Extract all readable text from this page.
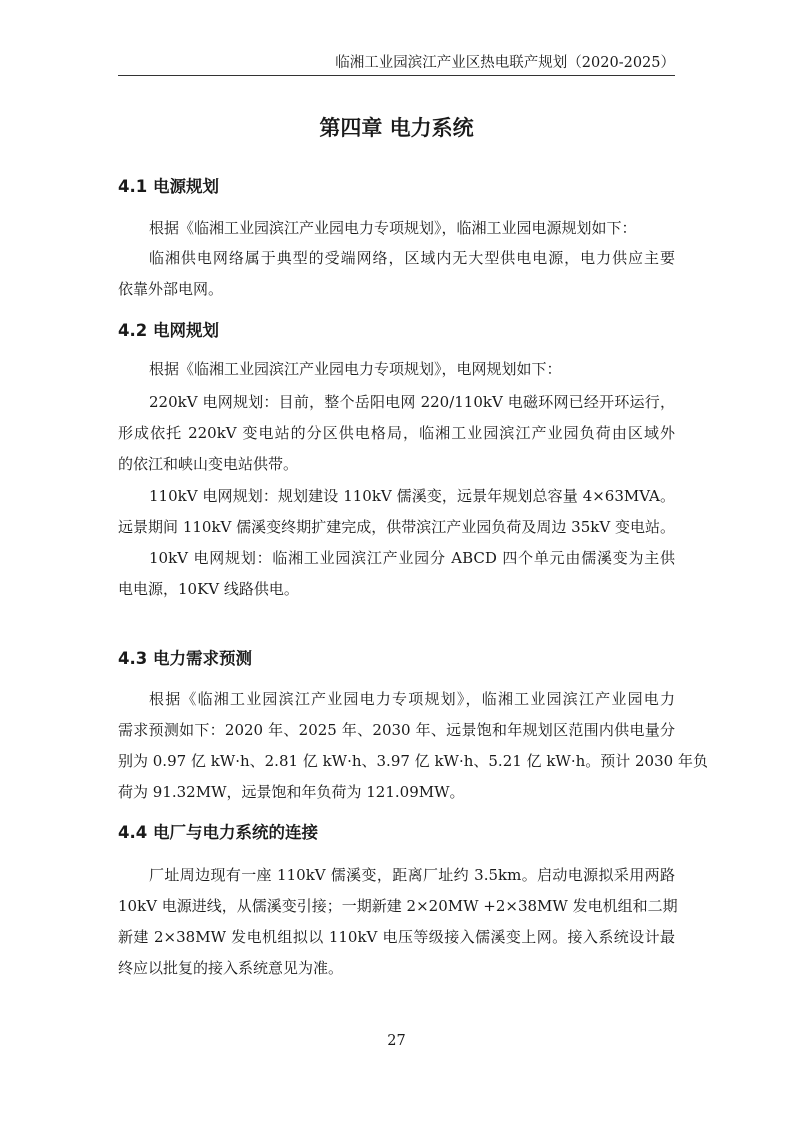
临湘工业园滨江产业区热电联产规划（2020-2025）
第四章 电力系统
4.1 电源规划
根据《临湘工业园滨江产业园电力专项规划》，临湘工业园电源规划如下：
临湘供电网络属于典型的受端网络，区域内无大型供电电源，电力供应主要
依靠外部电网。
4.2 电网规划
根据《临湘工业园滨江产业园电力专项规划》，电网规划如下：
220kV 电网规划：目前，整个岳阳电网 220/110kV 电磁环网已经开环运行，
形成依托 220kV 变电站的分区供电格局，临湘工业园滨江产业园负荷由区域外
的依江和峡山变电站供带。
110kV 电网规划：规划建设 110kV 儒溪变，远景年规划总容量 4×63MVA。
远景期间 110kV 儒溪变终期扩建完成，供带滨江产业园负荷及周边 35kV 变电站。
10kV 电网规划：临湘工业园滨江产业园分 ABCD 四个单元由儒溪变为主供
电电源，10KV 线路供电。
4.3 电力需求预测
根据《临湘工业园滨江产业园电力专项规划》，临湘工业园滨江产业园电力
需求预测如下：2020 年、2025 年、2030 年、远景饱和年规划区范围内供电量分
别为 0.97 亿 kW·h、2.81 亿 kW·h、3.97 亿 kW·h、5.21 亿 kW·h。预计 2030 年负
荷为 91.32MW，远景饱和年负荷为 121.09MW。
4.4 电厂与电力系统的连接
厂址周边现有一座 110kV 儒溪变，距离厂址约 3.5km。启动电源拟采用两路
10kV 电源进线，从儒溪变引接；一期新建 2×20MW +2×38MW 发电机组和二期
新建 2×38MW 发电机组拟以 110kV 电压等级接入儒溪变上网。接入系统设计最
终应以批复的接入系统意见为准。
27
